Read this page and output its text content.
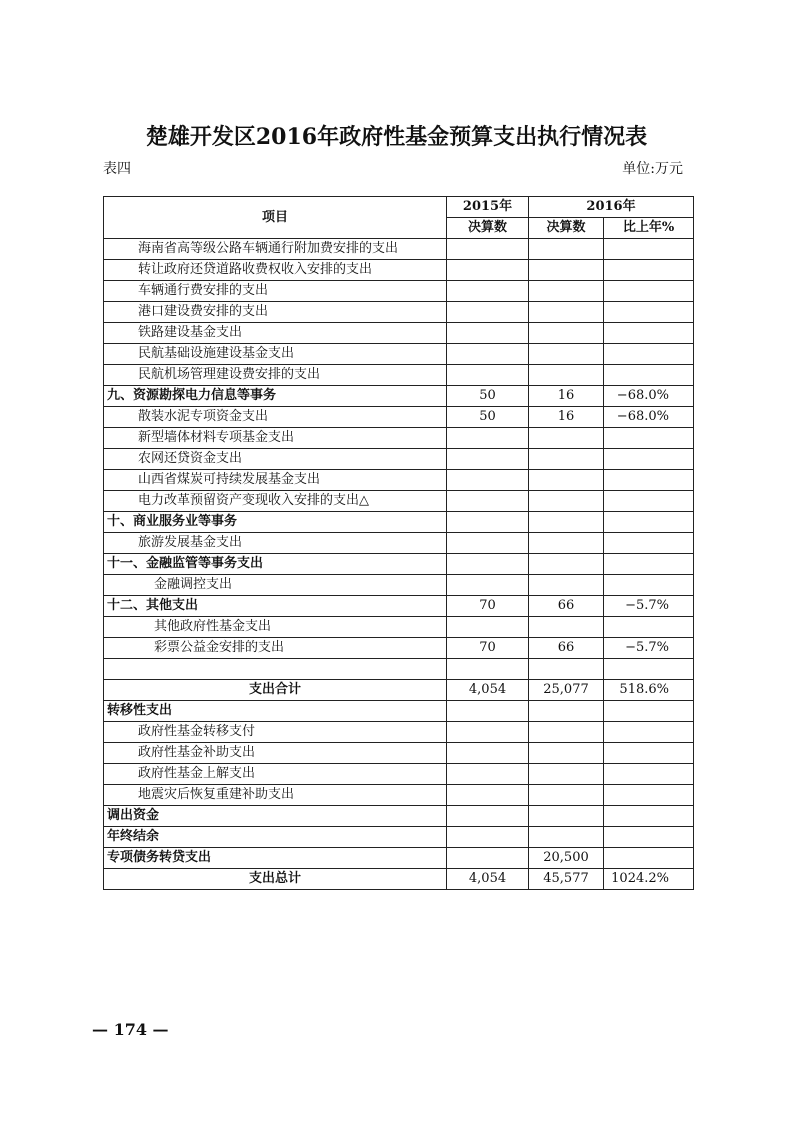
楚雄开发区2016年政府性基金预算支出执行情况表
表四	单位:万元
项目	2015年	2016年	
	决算数	决算数	比上年%
海南省高等级公路车辆通行附加费安排的支出			
转让政府还贷道路收费权收入安排的支出			
车辆通行费安排的支出			
港口建设费安排的支出			
铁路建设基金支出			
民航基础设施建设基金支出			
民航机场管理建设费安排的支出			
九、资源勘探电力信息等事务	50	16	−68.0%
散装水泥专项资金支出	50	16	−68.0%
新型墙体材料专项基金支出			
农网还贷资金支出			
山西省煤炭可持续发展基金支出			
电力改革预留资产变现收入安排的支出△			
十、商业服务业等事务			
旅游发展基金支出			
十一、金融监管等事务支出			
金融调控支出			
十二、其他支出	70	66	−5.7%
其他政府性基金支出			
彩票公益金安排的支出	70	66	−5.7%

支出合计	4,054	25,077	518.6%
转移性支出			
政府性基金转移支付			
政府性基金补助支出			
政府性基金上解支出			
地震灾后恢复重建补助支出			
调出资金			
年终结余			
专项债务转贷支出		20,500	
支出总计	4,054	45,577	1024.2%
— 174 —
